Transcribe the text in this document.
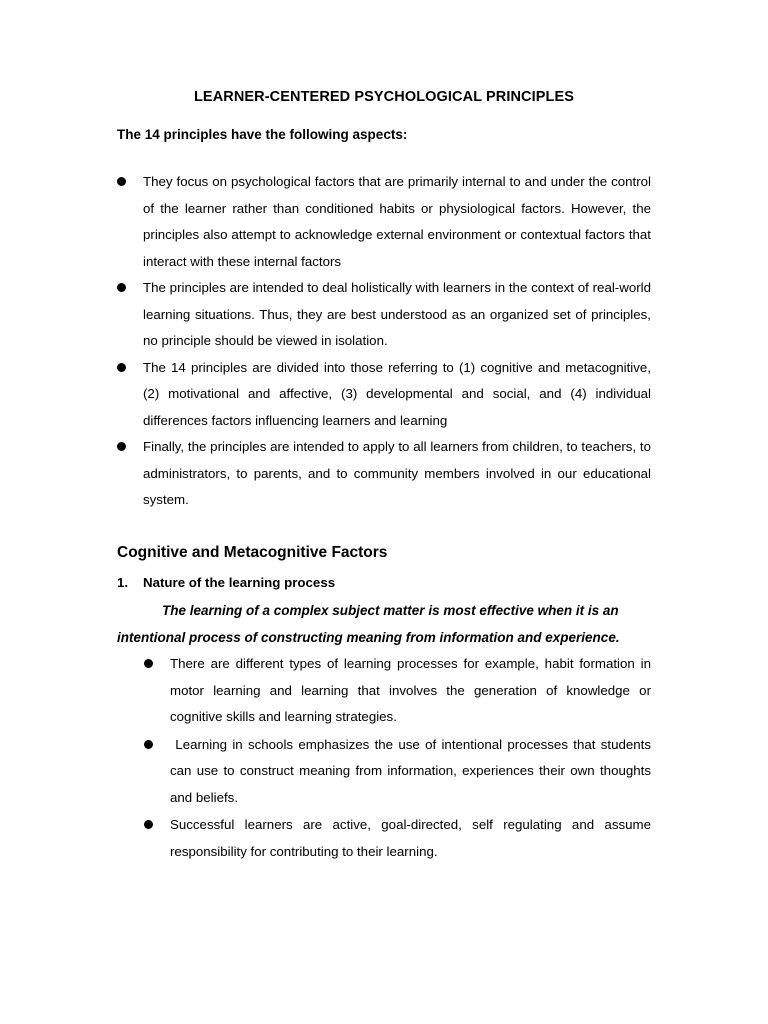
LEARNER-CENTERED PSYCHOLOGICAL PRINCIPLES
The 14 principles have the following aspects:
They focus on psychological factors that are primarily internal to and under the control of the learner rather than conditioned habits or physiological factors. However, the principles also attempt to acknowledge external environment or contextual factors that interact with these internal factors
The principles are intended to deal holistically with learners in the context of real-world learning situations. Thus, they are best understood as an organized set of principles, no principle should be viewed in isolation.
The 14 principles are divided into those referring to (1) cognitive and metacognitive, (2) motivational and affective, (3) developmental and social, and (4) individual differences factors influencing learners and learning
Finally, the principles are intended to apply to all learners from children, to teachers, to administrators, to parents, and to community members involved in our educational system.
Cognitive and Metacognitive Factors
1. Nature of the learning process
The learning of a complex subject matter is most effective when it is an
intentional process of constructing meaning from information and experience.
There are different types of learning processes for example, habit formation in motor learning and learning that involves the generation of knowledge or cognitive skills and learning strategies.
Learning in schools emphasizes the use of intentional processes that students can use to construct meaning from information, experiences their own thoughts and beliefs.
Successful learners are active, goal-directed, self regulating and assume responsibility for contributing to their learning.
